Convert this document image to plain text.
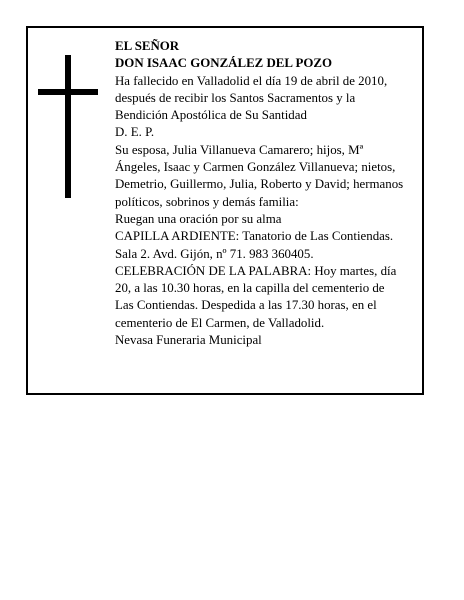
EL SEÑOR
DON ISAAC GONZÁLEZ DEL POZO
Ha fallecido en Valladolid el día 19 de abril de 2010,
después de recibir los Santos Sacramentos y la
Bendición Apostólica de Su Santidad
D. E. P.
Su esposa, Julia Villanueva Camarero; hijos, Mª
Ángeles, Isaac y Carmen González Villanueva; nietos,
Demetrio, Guillermo, Julia, Roberto y David; hermanos
políticos, sobrinos y demás familia:
Ruegan una oración por su alma
CAPILLA ARDIENTE: Tanatorio de Las Contiendas.
Sala 2. Avd. Gijón, nº 71. 983 360405.
CELEBRACIÓN DE LA PALABRA: Hoy martes, día
20, a las 10.30 horas, en la capilla del cementerio de
Las Contiendas. Despedida a las 17.30 horas, en el
cementerio de El Carmen, de Valladolid.
Nevasa Funeraria Municipal
